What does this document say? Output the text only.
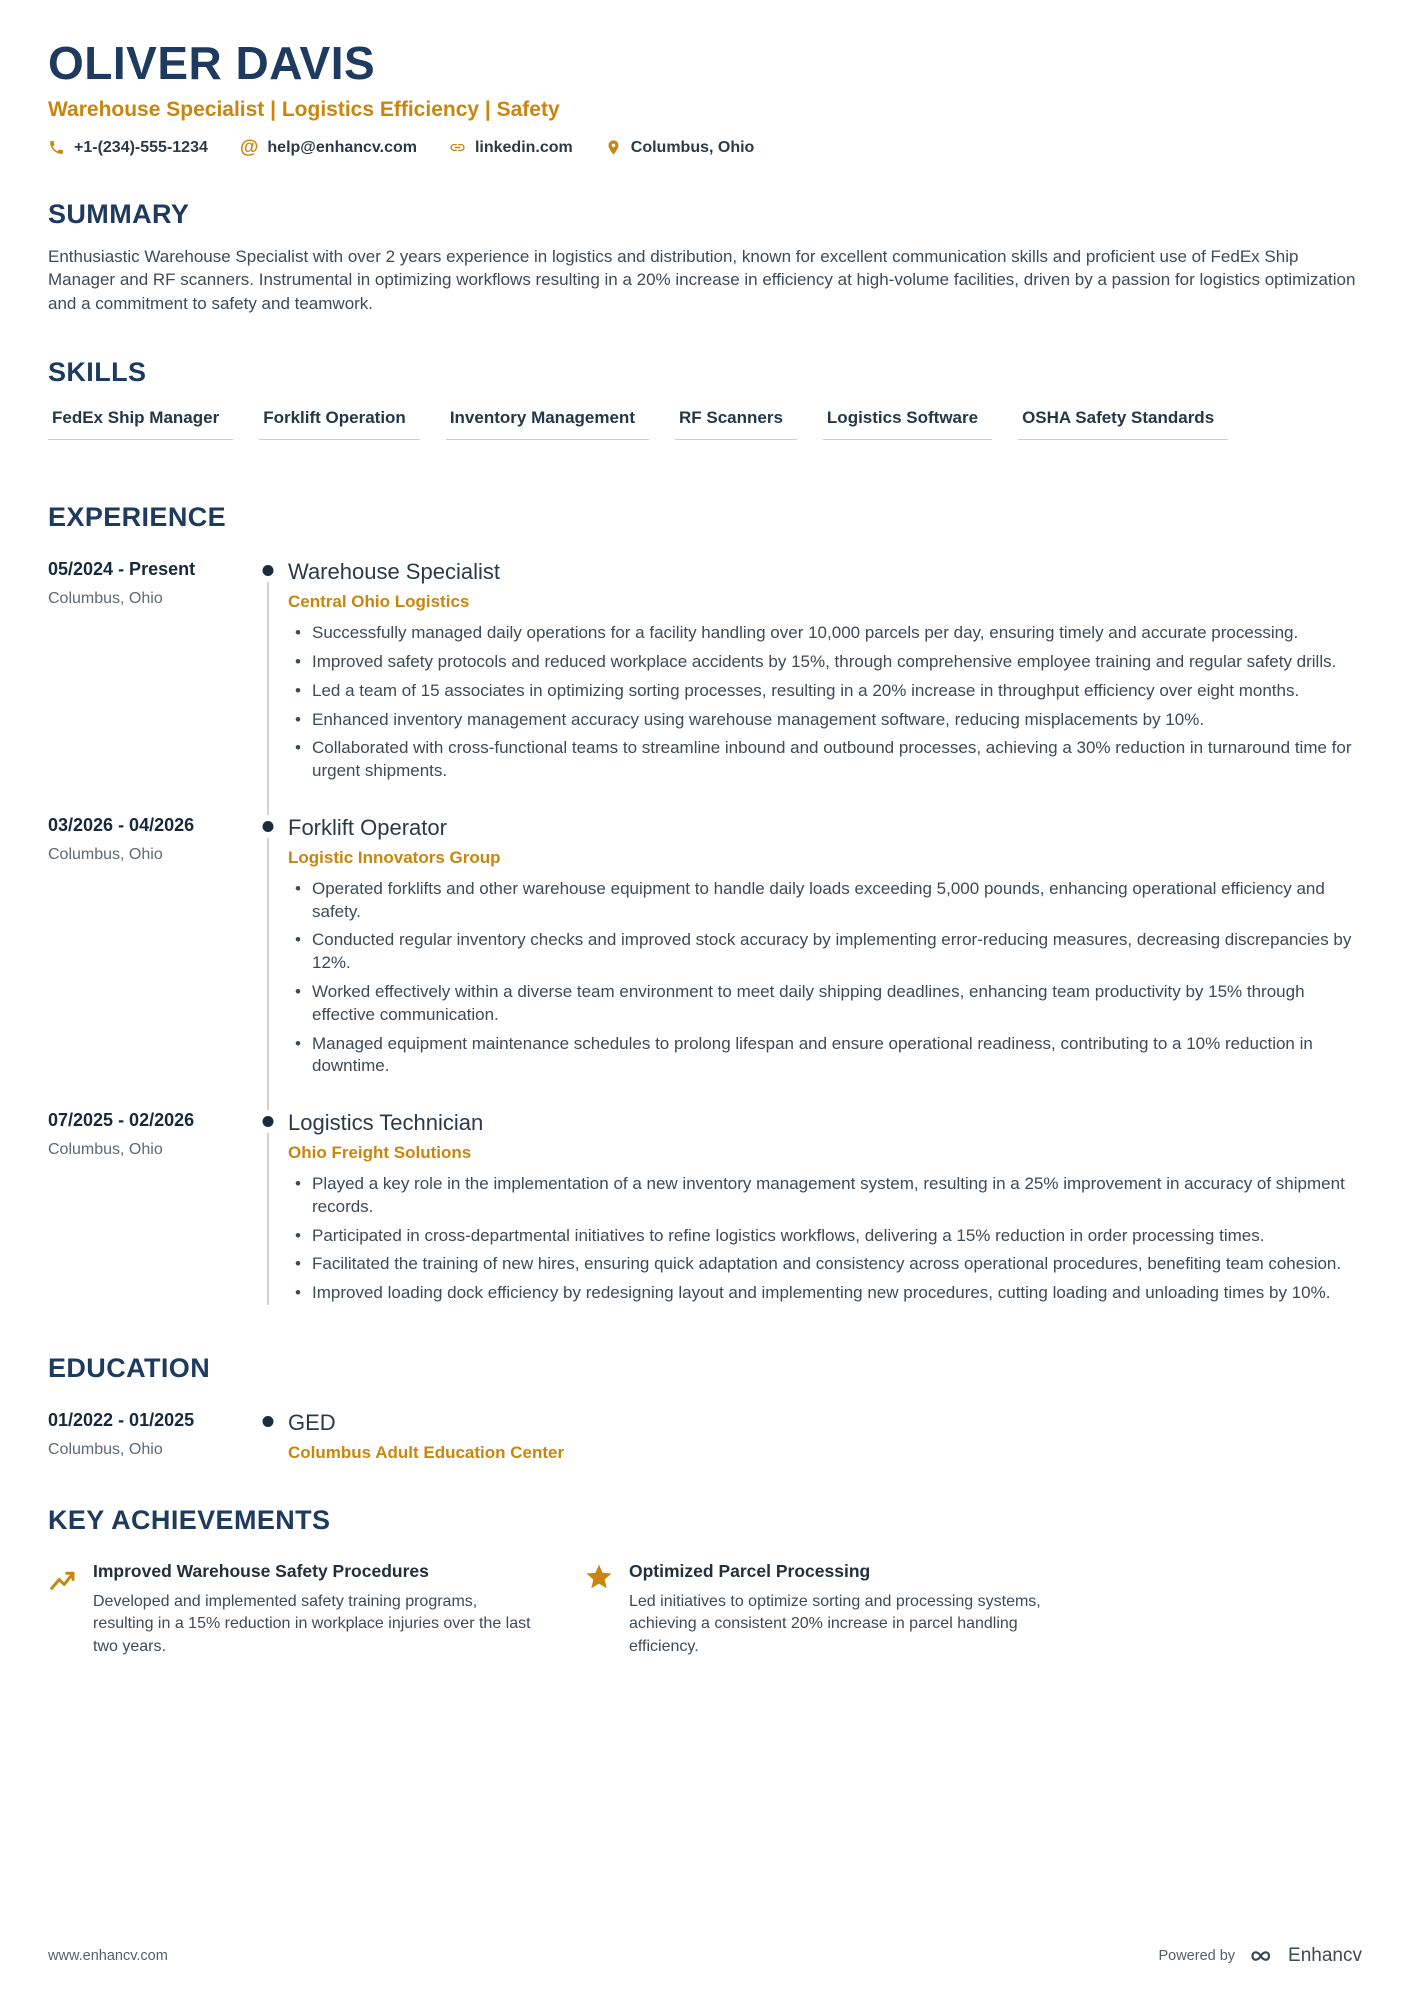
OLIVER DAVIS
Warehouse Specialist | Logistics Efficiency | Safety
+1-(234)-555-1234 @ help@enhancv.com	linkedin.com	Columbus, Ohio
SUMMARY
Enthusiastic Warehouse Specialist with over 2 years experience in logistics and distribution, known for excellent communication skills and proficient use of FedEx Ship Manager and RF scanners. Instrumental in optimizing workflows resulting in a 20% increase in efficiency at high-volume facilities, driven by a passion for logistics optimization and a commitment to safety and teamwork.
SKILLS
FedEx Ship Manager	Forklift Operation	Inventory Management	RF Scanners	Logistics Software	OSHA Safety Standards
EXPERIENCE
05/2024 - Present
Columbus, Ohio
Warehouse Specialist
Central Ohio Logistics
• Successfully managed daily operations for a facility handling over 10,000 parcels per day, ensuring timely and accurate processing.
• Improved safety protocols and reduced workplace accidents by 15%, through comprehensive employee training and regular safety drills.
• Led a team of 15 associates in optimizing sorting processes, resulting in a 20% increase in throughput efficiency over eight months.
• Enhanced inventory management accuracy using warehouse management software, reducing misplacements by 10%.
• Collaborated with cross-functional teams to streamline inbound and outbound processes, achieving a 30% reduction in turnaround time for urgent shipments.
03/2026 - 04/2026
Columbus, Ohio
Forklift Operator
Logistic Innovators Group
• Operated forklifts and other warehouse equipment to handle daily loads exceeding 5,000 pounds, enhancing operational efficiency and safety.
• Conducted regular inventory checks and improved stock accuracy by implementing error-reducing measures, decreasing discrepancies by 12%.
• Worked effectively within a diverse team environment to meet daily shipping deadlines, enhancing team productivity by 15% through effective communication.
• Managed equipment maintenance schedules to prolong lifespan and ensure operational readiness, contributing to a 10% reduction in downtime.
07/2025 - 02/2026
Columbus, Ohio
Logistics Technician
Ohio Freight Solutions
• Played a key role in the implementation of a new inventory management system, resulting in a 25% improvement in accuracy of shipment records.
• Participated in cross-departmental initiatives to refine logistics workflows, delivering a 15% reduction in order processing times.
• Facilitated the training of new hires, ensuring quick adaptation and consistency across operational procedures, benefiting team cohesion.
• Improved loading dock efficiency by redesigning layout and implementing new procedures, cutting loading and unloading times by 10%.
EDUCATION
01/2022 - 01/2025
Columbus, Ohio
GED
Columbus Adult Education Center
KEY ACHIEVEMENTS
Improved Warehouse Safety Procedures
Developed and implemented safety training programs, resulting in a 15% reduction in workplace injuries over the last two years.
Optimized Parcel Processing
Led initiatives to optimize sorting and processing systems, achieving a consistent 20% increase in parcel handling efficiency.
www.enhancv.com	Powered by	Enhancv
